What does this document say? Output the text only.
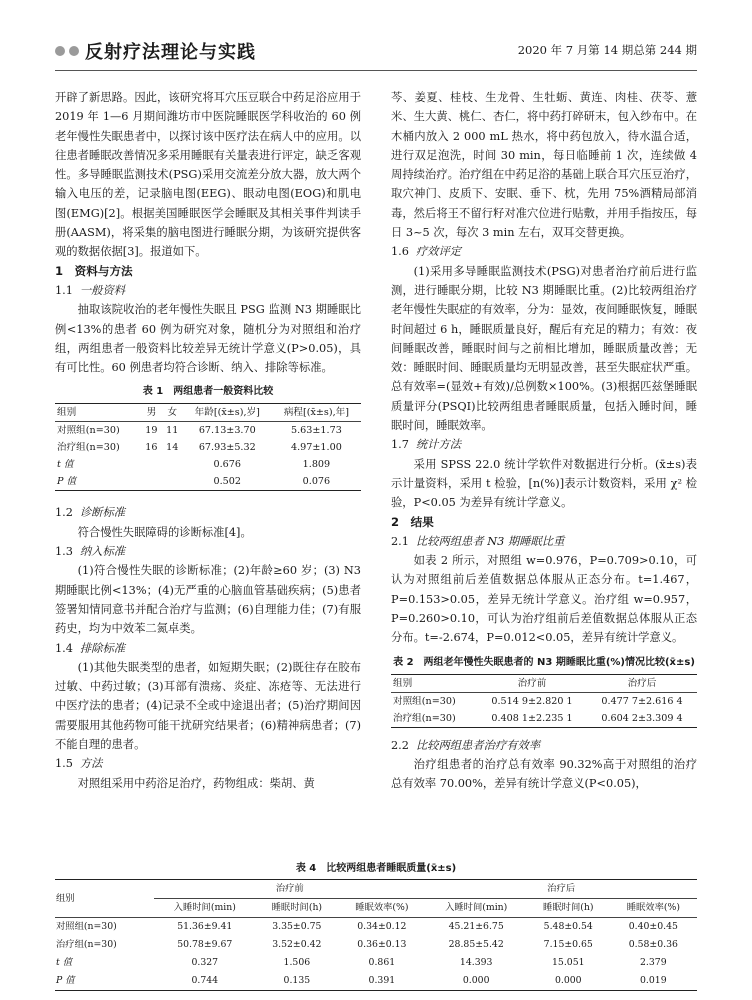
反射疗法理论与实践	2020 年 7 月第 14 期总第 244 期

开辟了新思路。因此，该研究将耳穴压豆联合中药足浴应用于 2019 年 1—6 月期间潍坊市中医院睡眠医学科收治的 60 例老年慢性失眠患者中，以探讨该中医疗法在病人中的应用。以往患者睡眠改善情况多采用睡眠有关量表进行评定，缺乏客观性。多导睡眠监测技术(PSG)采用交流差分放大器，放大两个输入电压的差，记录脑电图(EEG)、眼动电图(EOG)和肌电图(EMG)[2]。根据美国睡眠医学会睡眠及其相关事件判读手册(AASM)，将采集的脑电图进行睡眠分期，为该研究提供客观的数据依据[3]。报道如下。

1　资料与方法

1.1 一般资料

抽取该院收治的老年慢性失眠且 PSG 监测 N3 期睡眠比例<13%的患者 60 例为研究对象，随机分为对照组和治疗组，两组患者一般资料比较差异无统计学意义(P>0.05)，具有可比性。60 例患者均符合诊断、纳入、排除等标准。

表 1　两组患者一般资料比较
组别	男	女	年龄[(x̄±s),岁]	病程[(x̄±s),年]
对照组(n=30)	19	11	67.13±3.70	5.63±1.73
治疗组(n=30)	16	14	67.93±5.32	4.97±1.00
t 值			0.676	1.809
P 值			0.502	0.076

1.2 诊断标准

符合慢性失眠障碍的诊断标准[4]。

1.3 纳入标准

(1)符合慢性失眠的诊断标准；(2)年龄≥60 岁；(3) N3 期睡眠比例<13%；(4)无严重的心脑血管基础疾病；(5)患者签署知情同意书并配合治疗与监测；(6)自理能力佳；(7)有服药史，均为中效苯二氮卓类。

1.4 排除标准

(1)其他失眠类型的患者，如短期失眠；(2)既往存在胶布过敏、中药过敏；(3)耳部有溃疡、炎症、冻疮等、无法进行中医疗法的患者；(4)记录不全或中途退出者；(5)治疗期间因需要服用其他药物可能干扰研究结果者；(6)精神病患者；(7)不能自理的患者。

1.5 方法

对照组采用中药浴足治疗，药物组成：柴胡、黄

芩、姜夏、桂枝、生龙骨、生牡蛎、黄连、肉桂、茯苓、薏米、生大黄、桃仁、杏仁，将中药打碎研末，包入纱布中。在木桶内放入 2 000 mL 热水，将中药包放入，待水温合适，进行双足泡洗，时间 30 min，每日临睡前 1 次，连续做 4 周持续治疗。治疗组在中药足浴的基础上联合耳穴压豆治疗，取穴神门、皮质下、安眠、垂下、枕，先用 75%酒精局部消毒，然后将王不留行籽对准穴位进行贴敷，并用手指按压，每日 3~5 次，每次 3 min 左右，双耳交替更换。

1.6 疗效评定

(1)采用多导睡眠监测技术(PSG)对患者治疗前后进行监测，进行睡眠分期，比较 N3 期睡眠比重。(2)比较两组治疗老年慢性失眠症的有效率，分为：显效，夜间睡眠恢复，睡眠时间超过 6 h，睡眠质量良好，醒后有充足的精力；有效：夜间睡眠改善，睡眠时间与之前相比增加，睡眠质量改善；无效：睡眠时间、睡眠质量均无明显改善，甚至失眠症状严重。总有效率=(显效+有效)/总例数×100%。(3)根据匹兹堡睡眠质量评分(PSQI)比较两组患者睡眠质量，包括入睡时间，睡眠时间，睡眠效率。

1.7 统计方法

采用 SPSS 22.0 统计学软件对数据进行分析。(x̄±s)表示计量资料，采用 t 检验，[n(%)]表示计数资料，采用 χ² 检验，P<0.05 为差异有统计学意义。

2　结果

2.1 比较两组患者 N3 期睡眠比重

如表 2 所示，对照组 w=0.976，P=0.709>0.10，可认为对照组前后差值数据总体服从正态分布。t=1.467，P=0.153>0.05，差异无统计学意义。治疗组 w=0.957，P=0.260>0.10，可认为治疗组前后差值数据总体服从正态分布。t=-2.674，P=0.012<0.05，差异有统计学意义。

表 2　两组老年慢性失眠患者的 N3 期睡眠比重(%)情况比较(x̄±s)
组别	治疗前	治疗后
对照组(n=30)	0.514 9±2.820 1	0.477 7±2.616 4
治疗组(n=30)	0.408 1±2.235 1	0.604 2±3.309 4

2.2 比较两组患者治疗有效率

治疗组患者的治疗总有效率 90.32%高于对照组的治疗总有效率 70.00%，差异有统计学意义(P<0.05)，

表 4　比较两组患者睡眠质量(x̄±s)
组别	治疗前			治疗后		
	入睡时间(min)	睡眠时间(h)	睡眠效率(%)	入睡时间(min)	睡眠时间(h)	睡眠效率(%)
对照组(n=30)	51.36±9.41	3.35±0.75	0.34±0.12	45.21±6.75	5.48±0.54	0.40±0.45
治疗组(n=30)	50.78±9.67	3.52±0.42	0.36±0.13	28.85±5.42	7.15±0.65	0.58±0.36
t 值	0.327	1.506	0.861	14.393	15.051	2.379
P 值	0.744	0.135	0.391	0.000	0.000	0.019
